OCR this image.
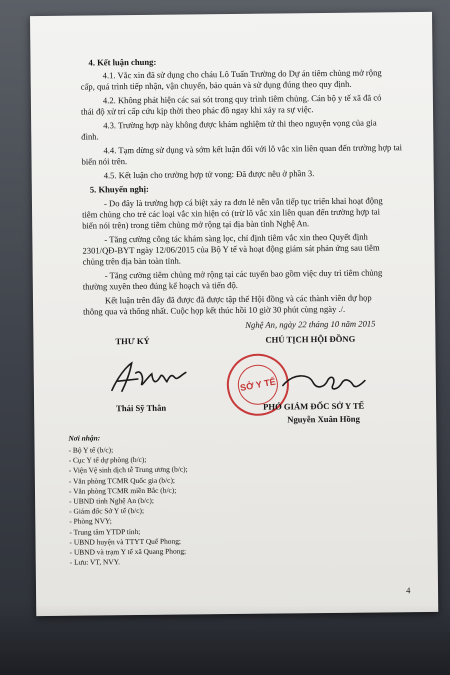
4. Kết luận chung:
4.1. Vắc xin đã sử dụng cho cháu Lô Tuấn Trường do Dự án tiêm chủng mở rộng
cấp, quá trình tiếp nhận, vận chuyển, bảo quản và sử dụng đúng theo quy định.
4.2. Không phát hiện các sai sót trong quy trình tiêm chủng. Cán bộ y tế xã đã có
thái độ xử trí cấp cứu kịp thời theo phác đồ ngay khi xảy ra sự việc.
4.3. Trường hợp này không được khám nghiệm tử thi theo nguyện vọng của gia
đình.
4.4. Tạm dừng sử dụng và sớm kết luận đối với lô vắc xin liên quan đến trường hợp tai
biến nói trên.
4.5. Kết luận cho trường hợp tử vong: Đã được nêu ở phần 3.
5. Khuyến nghị:
- Do đây là trường hợp cá biệt xảy ra đơn lẻ nên vẫn tiếp tục triển khai hoạt động
tiêm chủng cho trẻ các loại vắc xin hiện có (trừ lô vắc xin liên quan đến trường hợp tai
biến nói trên) trong tiêm chủng mở rộng tại địa bàn tỉnh Nghệ An.
- Tăng cường công tác khám sàng lọc, chỉ định tiêm vắc xin theo Quyết định
2301/QĐ-BYT ngày 12/06/2015 của Bộ Y tế và hoạt động giám sát phản ứng sau tiêm
chủng trên địa bàn toàn tỉnh.
- Tăng cường tiêm chủng mở rộng tại các tuyến bao gồm việc duy trì tiêm chủng
thường xuyên theo đúng kế hoạch và tiến độ.
Kết luận trên đây đã được đã được tập thể Hội đồng và các thành viên dự họp
thông qua và thống nhất. Cuộc họp kết thúc hồi 10 giờ 30 phút cùng ngày ./.
Nghệ An, ngày 22 tháng 10 năm 2015
THƯ KÝ	CHỦ TỊCH HỘI ĐỒNG
SỞ Y TẾ
Thái Sỹ Thân	PHÓ GIÁM ĐỐC SỞ Y TẾ
Nguyễn Xuân Hồng
Nơi nhận:
- Bộ Y tế (b/c);
- Cục Y tế dự phòng (b/c);
- Viện Vệ sinh dịch tễ Trung ương (b/c);
- Văn phòng TCMR Quốc gia (b/c);
- Văn phòng TCMR miền Bắc (b/c);
- UBND tỉnh Nghệ An (b/c);
- Giám đốc Sở Y tế (b/c);
- Phòng NVY;
- Trung tâm YTDP tỉnh;
- UBND huyện và TTYT Quế Phong;
- UBND và trạm Y tế xã Quang Phong;
- Lưu: VT, NVY.
4
